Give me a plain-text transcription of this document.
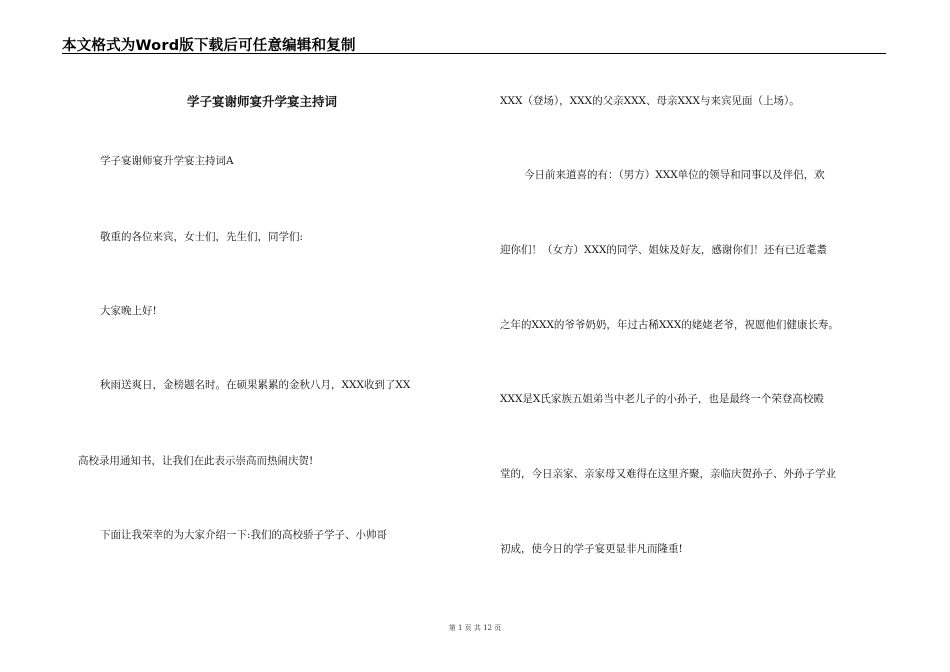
本文格式为Word版下载后可任意编辑和复制
学子宴谢师宴升学宴主持词
学子宴谢师宴升学宴主持词A
敬重的各位来宾，女士们，先生们，同学们:
大家晚上好!
秋雨送爽日，金榜题名时。在硕果累累的金秋八月，XXX收到了XX
高校录用通知书，让我们在此表示崇高而热闹庆贺!
下面让我荣幸的为大家介绍一下:我们的高校骄子学子、小帅哥
XXX（登场），XXX的父亲XXX、母亲XXX与来宾见面（上场）。
今日前来道喜的有：（男方）XXX单位的领导和同事以及伴侣，欢
迎你们！（女方）XXX的同学、姐妹及好友，感谢你们！还有已近耄耋
之年的XXX的爷爷奶奶，年过古稀XXX的姥姥老爷，祝愿他们健康长寿。
XXX是X氏家族五姐弟当中老儿子的小孙子，也是最终一个荣登高校殿
堂的，今日亲家、亲家母又难得在这里齐聚，亲临庆贺孙子、外孙子学业
初成，使今日的学子宴更显非凡而隆重!
第 1 页 共 12 页
